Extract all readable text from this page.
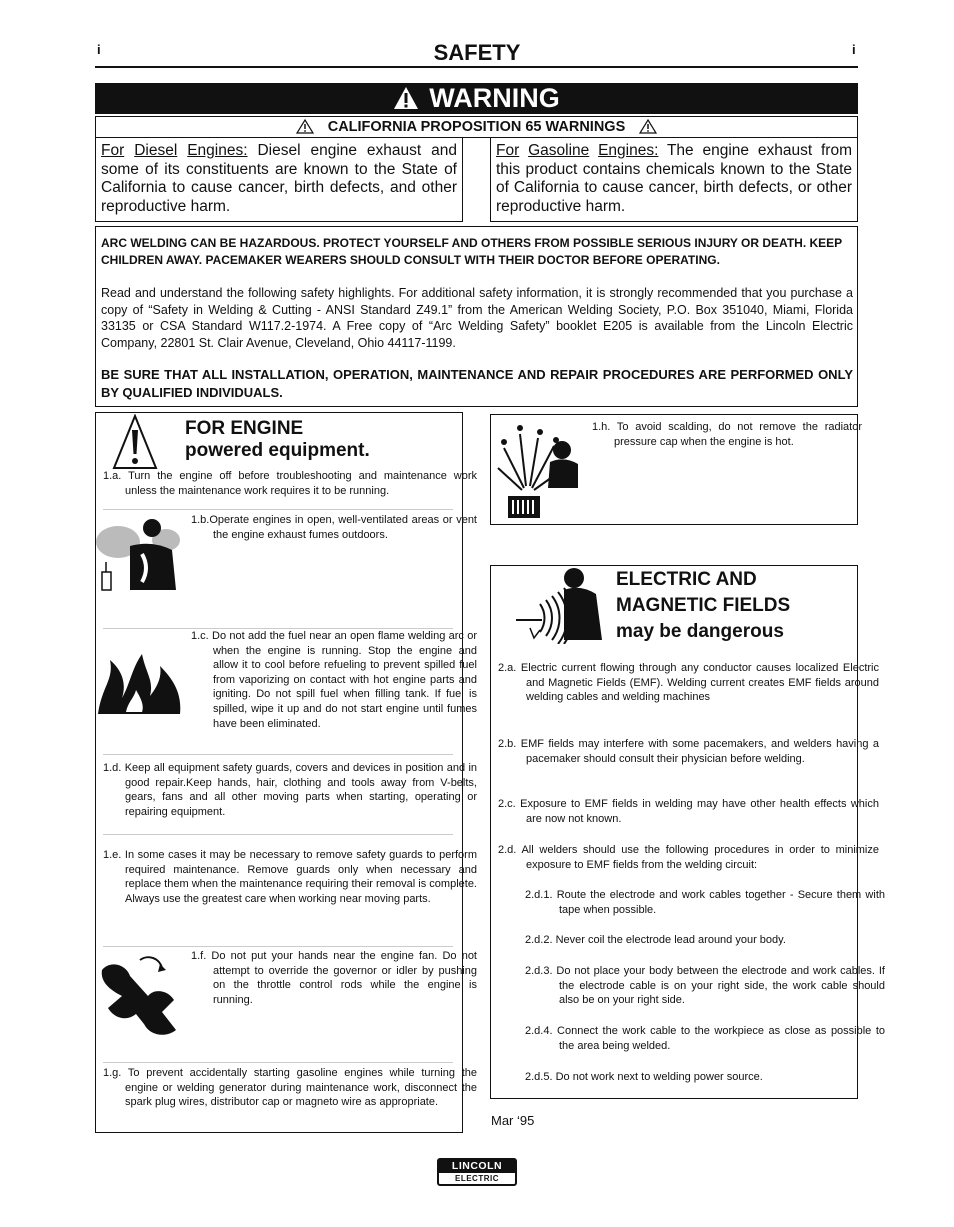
i	i
SAFETY
WARNING
CALIFORNIA PROPOSITION 65 WARNINGS
For Diesel Engines: Diesel engine exhaust and some of its constituents are known to the State of California to cause cancer, birth defects, and other reproductive harm.
For Gasoline Engines: The engine exhaust from this product contains chemicals known to the State of California to cause cancer, birth defects, or other reproductive harm.

ARC WELDING CAN BE HAZARDOUS. PROTECT YOURSELF AND OTHERS FROM POSSIBLE SERIOUS INJURY OR DEATH. KEEP CHILDREN AWAY. PACEMAKER WEARERS SHOULD CONSULT WITH THEIR DOCTOR BEFORE OPERATING.

Read and understand the following safety highlights. For additional safety information, it is strongly recommended that you purchase a copy of “Safety in Welding & Cutting - ANSI Standard Z49.1” from the American Welding Society, P.O. Box 351040, Miami, Florida 33135 or CSA Standard W117.2-1974. A Free copy of “Arc Welding Safety” booklet E205 is available from the Lincoln Electric Company, 22801 St. Clair Avenue, Cleveland, Ohio 44117-1199.

BE SURE THAT ALL INSTALLATION, OPERATION, MAINTENANCE AND REPAIR PROCEDURES ARE PERFORMED ONLY BY QUALIFIED INDIVIDUALS.

FOR ENGINE
powered equipment.
1.a. Turn the engine off before troubleshooting and maintenance work unless the maintenance work requires it to be running.
1.b.Operate engines in open, well-ventilated areas or vent the engine exhaust fumes outdoors.
1.c. Do not add the fuel near an open flame welding arc or when the engine is running. Stop the engine and allow it to cool before refueling to prevent spilled fuel from vaporizing on contact with hot engine parts and igniting. Do not spill fuel when filling tank. If fuel is spilled, wipe it up and do not start engine until fumes have been eliminated.
1.d. Keep all equipment safety guards, covers and devices in position and in good repair.Keep hands, hair, clothing and tools away from V-belts, gears, fans and all other moving parts when starting, operating or repairing equipment.
1.e. In some cases it may be necessary to remove safety guards to perform required maintenance. Remove guards only when necessary and replace them when the maintenance requiring their removal is complete. Always use the greatest care when working near moving parts.
1.f. Do not put your hands near the engine fan. Do not attempt to override the governor or idler by pushing on the throttle control rods while the engine is running.
1.g. To prevent accidentally starting gasoline engines while turning the engine or welding generator during maintenance work, disconnect the spark plug wires, distributor cap or magneto wire as appropriate.
1.h. To avoid scalding, do not remove the radiator pressure cap when the engine is hot.
ELECTRIC AND
MAGNETIC FIELDS
may be dangerous
2.a. Electric current flowing through any conductor causes localized Electric and Magnetic Fields (EMF). Welding current creates EMF fields around welding cables and welding machines
2.b. EMF fields may interfere with some pacemakers, and welders having a pacemaker should consult their physician before welding.
2.c. Exposure to EMF fields in welding may have other health effects which are now not known.
2.d. All welders should use the following procedures in order to minimize exposure to EMF fields from the welding circuit:
2.d.1. Route the electrode and work cables together - Secure them with tape when possible.
2.d.2. Never coil the electrode lead around your body.
2.d.3. Do not place your body between the electrode and work cables. If the electrode cable is on your right side, the work cable should also be on your right side.
2.d.4. Connect the work cable to the workpiece as close as possible to the area being welded.
2.d.5. Do not work next to welding power source.
Mar ‘95
LINCOLN
ELECTRIC
